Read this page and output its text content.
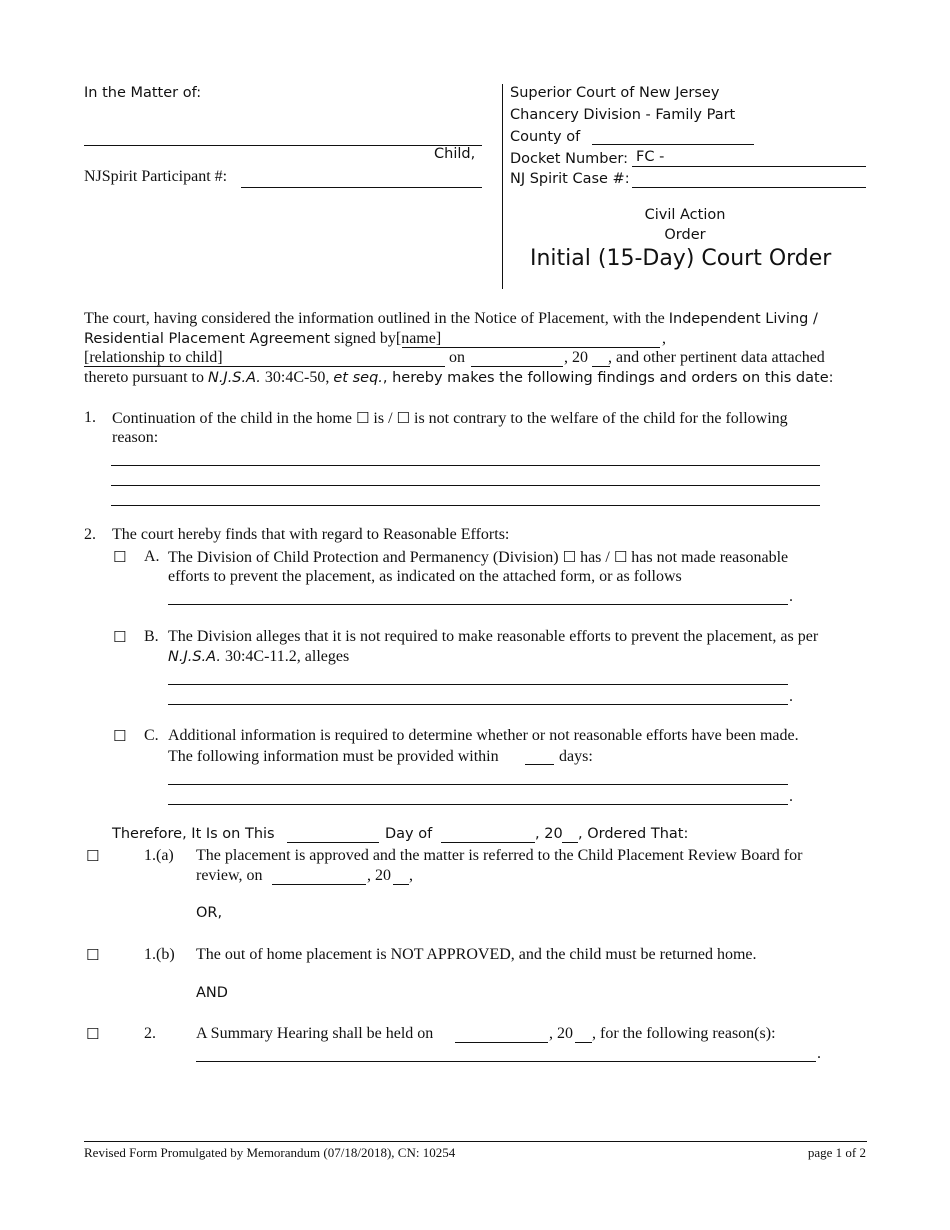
In the Matter of:
Child,
NJSpirit Participant #:
Superior Court of New Jersey
Chancery Division - Family Part
County of
Docket Number: FC -
NJ Spirit Case #:
Civil Action
Order
Initial (15-Day) Court Order
The court, having considered the information outlined in the Notice of Placement, with the Independent Living /
Residential Placement Agreement signed by[name]	,
[relationship to child]	on	, 20 , and other pertinent data attached
thereto pursuant to N.J.S.A. 30:4C-50, et seq., hereby makes the following findings and orders on this date:
1. Continuation of the child in the home ☐ is / ☐ is not contrary to the welfare of the child for the following
reason:
2. The court hereby finds that with regard to Reasonable Efforts:
☐ A. The Division of Child Protection and Permanency (Division) ☐ has / ☐ has not made reasonable
efforts to prevent the placement, as indicated on the attached form, or as follows
.
☐ B. The Division alleges that it is not required to make reasonable efforts to prevent the placement, as per
N.J.S.A. 30:4C-11.2, alleges
.
☐ C. Additional information is required to determine whether or not reasonable efforts have been made.
The following information must be provided within	days:
.
Therefore, It Is on This	Day of	, 20 , Ordered That:
☐	1.(a) The placement is approved and the matter is referred to the Child Placement Review Board for
review, on	, 20 ,
OR,
☐	1.(b) The out of home placement is NOT APPROVED, and the child must be returned home.
AND
☐	2.	A Summary Hearing shall be held on	, 20 , for the following reason(s):
.
Revised Form Promulgated by Memorandum (07/18/2018), CN: 10254	page 1 of 2
